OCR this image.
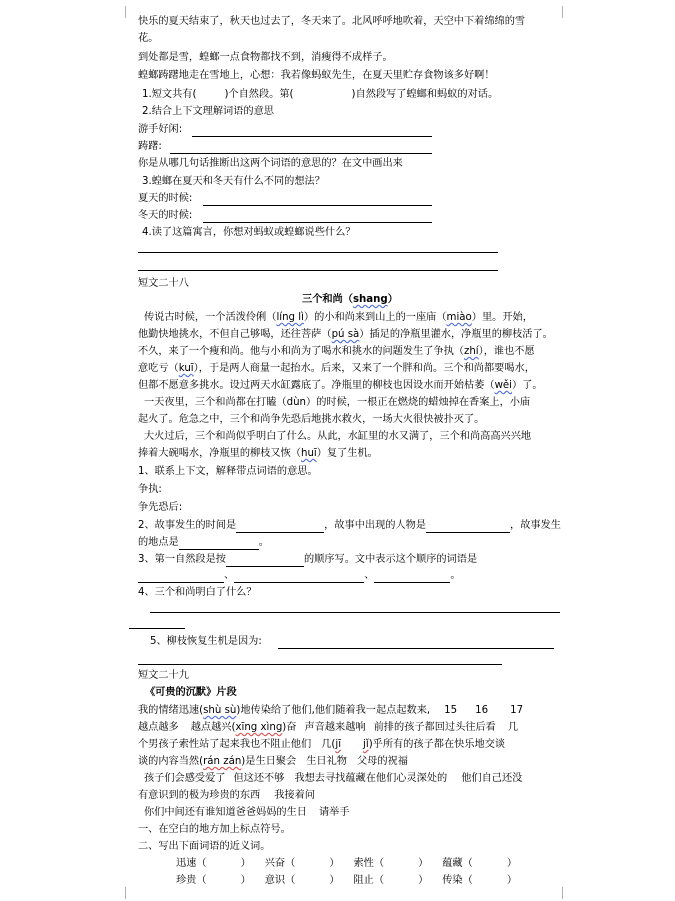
快乐的夏天结束了，秋天也过去了，冬天来了。北风呼呼地吹着，天空中下着绵绵的雪
花。
到处都是雪，蝗螂一点食物都找不到，消瘦得不成样子。
蝗螂踌躇地走在雪地上，心想：我若像蚂蚁先生，在夏天里贮存食物该多好啊！
1.短文共有(	)个自然段。第(	)自然段写了蝗螂和蚂蚁的对话。
2.结合上下文理解词语的意思
游手好闲:
踌躇:
你是从哪几句话推断出这两个词语的意思的？在文中画出来
3.蝗螂在夏天和冬天有什么不同的想法？
夏天的时候:
冬天的时候:
4.读了这篇寓言，你想对蚂蚁或蝗螂说些什么？
短文二十八
三个和尚（shang）
传说古时候，一个活泼伶俐（líng lì）的小和尚来到山上的一座庙（miào）里。开始，
他勤快地挑水，不但自己够喝，还往菩萨（pú sà）插足的净瓶里灌水，净瓶里的柳枝活了。
不久，来了一个瘦和尚。他与小和尚为了喝水和挑水的问题发生了争执（zhí），谁也不愿
意吃亏（kuī），于是两人商量一起抬水。后来，又来了一个胖和尚。三个和尚都要喝水，
但都不愿意多挑水。设过两天水缸露底了。净瓶里的柳枝也因设水而开始枯萎（wěi）了。
一天夜里，三个和尚都在打瞌（dùn）的时候，一根正在燃烧的蜡烛掉在香案上，小庙
起火了。危急之中，三个和尚争先恐后地挑水救火，一场大火很快被扑灭了。
大火过后，三个和尚似乎明白了什么。从此，水缸里的水又满了，三个和尚高高兴兴地
捧着大碗喝水，净瓶里的柳枝又恢（huī）复了生机。
1、联系上下文，解释带点词语的意思。
争执:
争先恐后:
2、故事发生的时间是	，故事中出现的人物是	，故事发生
的地点是	。
3、第一自然段是按	的顺序写。文中表示这个顺序的词语是
、	、	。
4、三个和尚明白了什么？
5、柳枝恢复生机是因为:
短文二十九
《可贵的沉默》片段
我的情绪迅速(shù sù)地传染给了他们,他们随着我一起点起数来, 15 16 17
越点越多 越点越兴(xīng xìng)奋 声音越来越响 前排的孩子都回过头往后看 几
个男孩子索性站了起来我也不阻止他们 几(jī jǐ)乎所有的孩子都在快乐地交谈
谈的内容当然(rán zán)是生日聚会 生日礼物 父母的祝福
孩子们会感受爱了 但这还不够 我想去寻找蕴藏在他们心灵深处的 他们自己还没
有意识到的极为珍贵的东西 我接着问
你们中间还有谁知道爸爸妈妈的生日 请举手
一、在空白的地方加上标点符号。
二、写出下面词语的近义词。
迅速（	） 兴奋（	） 索性（	） 蕴藏（	）
珍贵（	） 意识（	） 阻止（	） 传染（	）
